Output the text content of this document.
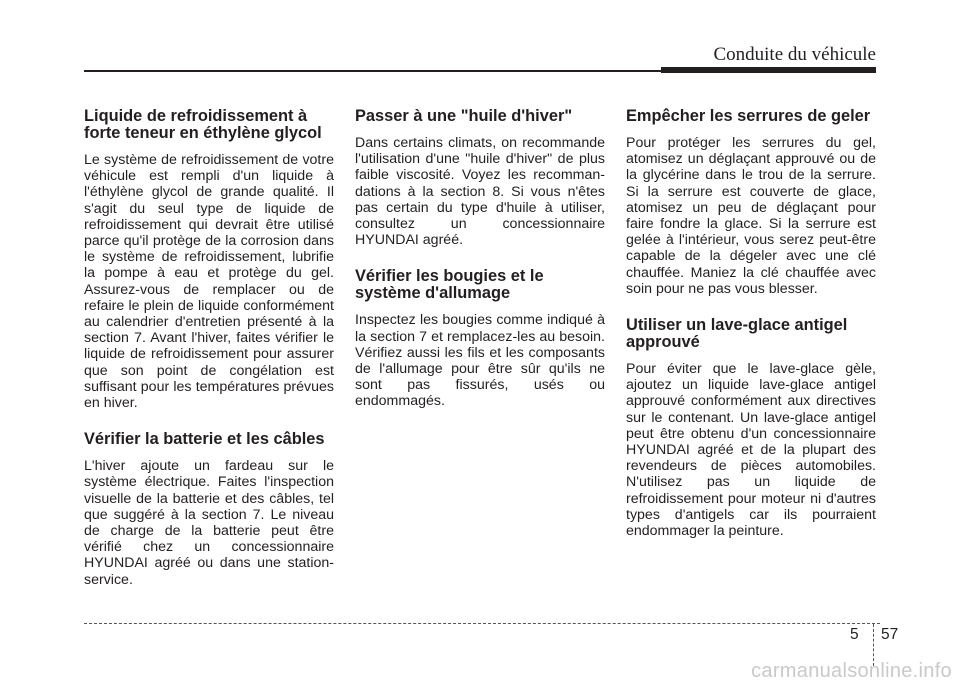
Conduite du véhicule
Liquide de refroidissement à forte teneur en éthylène glycol

Le système de refroidissement de votre véhicule est rempli d'un liquide à l'éthylène glycol de grande qualité. Il s'agit du seul type de liquide de refroidissement qui devrait être utilisé parce qu'il protège de la corrosion dans le système de refroidissement, lubrifie la pompe à eau et protège du gel. Assurez-vous de remplacer ou de refaire le plein de liquide conformément au calendrier d'entretien présenté à la section 7. Avant l'hiver, faites vérifier le liquide de refroidissement pour assurer que son point de congélation est suffisant pour les températures prévues en hiver.

Vérifier la batterie et les câbles

L'hiver ajoute un fardeau sur le système électrique. Faites l'inspection visuelle de la batterie et des câbles, tel que suggéré à la section 7. Le niveau de charge de la batterie peut être vérifié chez un concessionnaire HYUNDAI agréé ou dans une station-service.

Passer à une "huile d'hiver"

Dans certains climats, on recommande l'utilisation d'une "huile d'hiver" de plus faible viscosité. Voyez les recomman-dations à la section 8. Si vous n'êtes pas certain du type d'huile à utiliser, consultez un concessionnaire HYUNDAI agréé.

Vérifier les bougies et le système d'allumage

Inspectez les bougies comme indiqué à la section 7 et remplacez-les au besoin. Vérifiez aussi les fils et les composants de l'allumage pour être sûr qu'ils ne sont pas fissurés, usés ou endommagés.

Empêcher les serrures de geler

Pour protéger les serrures du gel, atomisez un déglaçant approuvé ou de la glycérine dans le trou de la serrure. Si la serrure est couverte de glace, atomisez un peu de déglaçant pour faire fondre la glace. Si la serrure est gelée à l'intérieur, vous serez peut-être capable de la dégeler avec une clé chauffée. Maniez la clé chauffée avec soin pour ne pas vous blesser.

Utiliser un lave-glace antigel approuvé

Pour éviter que le lave-glace gèle, ajoutez un liquide lave-glace antigel approuvé conformément aux directives sur le contenant. Un lave-glace antigel peut être obtenu d'un concessionnaire HYUNDAI agréé et de la plupart des revendeurs de pièces automobiles. N'utilisez pas un liquide de refroidissement pour moteur ni d'autres types d'antigels car ils pourraient endommager la peinture.

5 57
carmanualsonline.info
